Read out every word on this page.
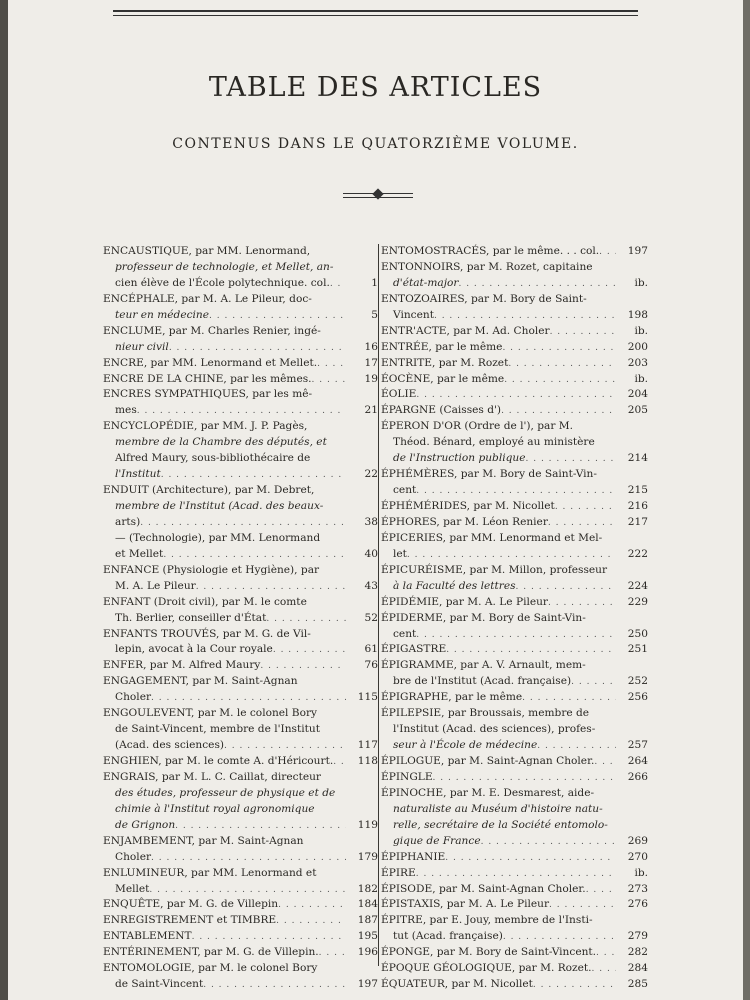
TABLE DES ARTICLES
CONTENUS DANS LE QUATORZIÈME VOLUME.
ENCAUSTIQUE, par MM. Lenormand,
professeur de technologie, et Mellet, an-
cien élève de l'École polytechnique. col. . . .	1
ENCÉPHALE, par M. A. Le Pileur, doc-
teur en médecine . . .	5
ENCLUME, par M. Charles Renier, ingé-
nieur civil . . .	16
ENCRE, par MM. Lenormand et Mellet. . . .	17
ENCRE DE LA CHINE, par les mêmes. . . .	19
ENCRES SYMPATHIQUES, par les mê-
mes . . .	21
ENCYCLOPÉDIE, par MM. J. P. Pagès,
membre de la Chambre des députés, et
Alfred Maury, sous-bibliothécaire de
l'Institut . . .	22
ENDUIT (Architecture), par M. Debret,
membre de l'Institut (Acad. des beaux-
arts) . . .	38
— (Technologie), par MM. Lenormand
et Mellet . . .	40
ENFANCE (Physiologie et Hygiène), par
M. A. Le Pileur . . .	43
ENFANT (Droit civil), par M. le comte
Th. Berlier, conseiller d'État . . .	52
ENFANTS TROUVÉS, par M. G. de Vil-
lepin, avocat à la Cour royale . . .	61
ENFER, par M. Alfred Maury . . .	76
ENGAGEMENT, par M. Saint-Agnan
Choler . . .	115
ENGOULEVENT, par M. le colonel Bory
de Saint-Vincent, membre de l'Institut
(Acad. des sciences) . . .	117
ENGHIEN, par M. le comte A. d'Héricourt. . . .	118
ENGRAIS, par M. L. C. Caillat, directeur
des études, professeur de physique et de
chimie à l'Institut royal agronomique
de Grignon . . .	119
ENJAMBEMENT, par M. Saint-Agnan
Choler . . .	179
ENLUMINEUR, par MM. Lenormand et
Mellet . . .	182
ENQUÊTE, par M. G. de Villepin . . .	184
ENREGISTREMENT et TIMBRE . . .	187
ENTABLEMENT . . .	195
ENTÉRINEMENT, par M. G. de Villepin. . . .	196
ENTOMOLOGIE, par M. le colonel Bory
de Saint-Vincent . . .	197
ENTOMOSTRACÉS, par le même. . . col. . . .	197
ENTONNOIRS, par M. Rozet, capitaine
d'état-major . . .	ib.
ENTOZOAIRES, par M. Bory de Saint-
Vincent . . .	198
ENTR'ACTE, par M. Ad. Choler . . .	ib.
ENTRÉE, par le même . . .	200
ENTRITE, par M. Rozet . . .	203
ÉOCÈNE, par le même . . .	ib.
ÉOLIE . . .	204
ÉPARGNE (Caisses d') . . .	205
ÉPERON D'OR (Ordre de l'), par M.
Théod. Bénard, employé au ministère
de l'Instruction publique . . .	214
ÉPHÉMÈRES, par M. Bory de Saint-Vin-
cent . . .	215
ÉPHÉMÉRIDES, par M. Nicollet . . .	216
ÉPHORES, par M. Léon Renier . . .	217
ÉPICERIES, par MM. Lenormand et Mel-
let . . .	222
ÉPICURÉISME, par M. Millon, professeur
à la Faculté des lettres . . .	224
ÉPIDÉMIE, par M. A. Le Pileur . . .	229
ÉPIDERME, par M. Bory de Saint-Vin-
cent . . .	250
ÉPIGASTRE . . .	251
ÉPIGRAMME, par A. V. Arnault, mem-
bre de l'Institut (Acad. française) . . .	252
ÉPIGRAPHE, par le même . . .	256
ÉPILEPSIE, par Broussais, membre de
l'Institut (Acad. des sciences), profes-
seur à l'École de médecine . . .	257
ÉPILOGUE, par M. Saint-Agnan Choler. . . .	264
ÉPINGLE . . .	266
ÉPINOCHE, par M. E. Desmarest, aide-
naturaliste au Muséum d'histoire natu-
relle, secrétaire de la Société entomolo-
gique de France . . .	269
ÉPIPHANIE . . .	270
ÉPIRE . . .	ib.
ÉPISODE, par M. Saint-Agnan Choler. . . .	273
ÉPISTAXIS, par M. A. Le Pileur . . .	276
ÉPITRE, par E. Jouy, membre de l'Insti-
tut (Acad. française) . . .	279
ÉPONGE, par M. Bory de Saint-Vincent. . . .	282
ÉPOQUE GÉOLOGIQUE, par M. Rozet. . . .	284
ÉQUATEUR, par M. Nicollet . . .	285
